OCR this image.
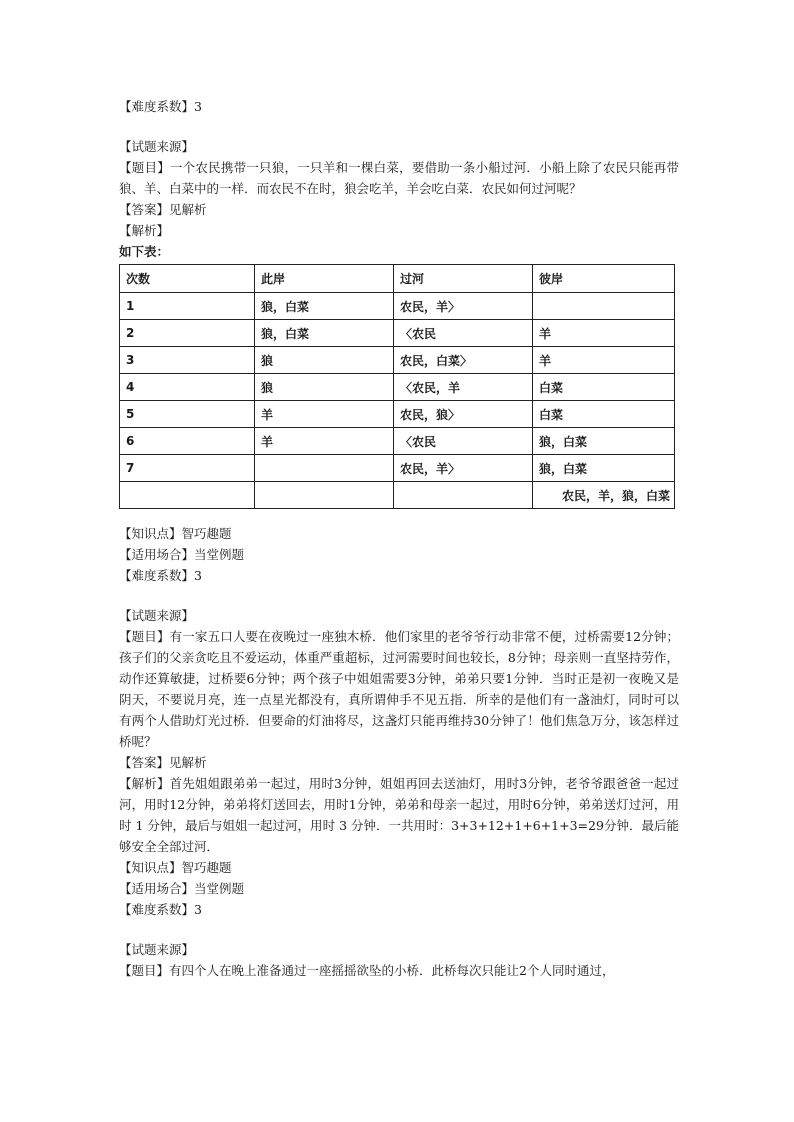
【难度系数】3
【试题来源】
【题目】一个农民携带一只狼，一只羊和一棵白菜，要借助一条小船过河．小船上除了农民只能再带狼、羊、白菜中的一样．而农民不在时，狼会吃羊，羊会吃白菜．农民如何过河呢？
【答案】见解析
【解析】
如下表：
次数	此岸	过河	彼岸
1	狼，白菜	农民，羊〉	
2	狼，白菜	〈农民	羊
3	狼	农民，白菜〉	羊
4	狼	〈农民，羊	白菜
5	羊	农民，狼〉	白菜
6	羊	〈农民	狼，白菜
7		农民，羊〉	狼，白菜
			农民，羊，狼，白菜
【知识点】智巧趣题
【适用场合】当堂例题
【难度系数】3
【试题来源】
【题目】有一家五口人要在夜晚过一座独木桥．他们家里的老爷爷行动非常不便，过桥需要12分钟；孩子们的父亲贪吃且不爱运动，体重严重超标，过河需要时间也较长，8分钟；母亲则一直坚持劳作，动作还算敏捷，过桥要6分钟；两个孩子中姐姐需要3分钟，弟弟只要1分钟．当时正是初一夜晚又是阴天，不要说月亮，连一点星光都没有，真所谓伸手不见五指．所幸的是他们有一盏油灯，同时可以有两个人借助灯光过桥．但要命的灯油将尽，这盏灯只能再维持30分钟了！他们焦急万分，该怎样过桥呢？
【答案】见解析
【解析】首先姐姐跟弟弟一起过，用时3分钟，姐姐再回去送油灯，用时3分钟，老爷爷跟爸爸一起过河，用时12分钟，弟弟将灯送回去，用时1分钟，弟弟和母亲一起过，用时6分钟，弟弟送灯过河，用时 1 分钟，最后与姐姐一起过河，用时 3 分钟．一共用时：3+3+12+1+6+1+3=29分钟．最后能够安全全部过河．
【知识点】智巧趣题
【适用场合】当堂例题
【难度系数】3
【试题来源】
【题目】有四个人在晚上准备通过一座摇摇欲坠的小桥．此桥每次只能让2个人同时通过，
